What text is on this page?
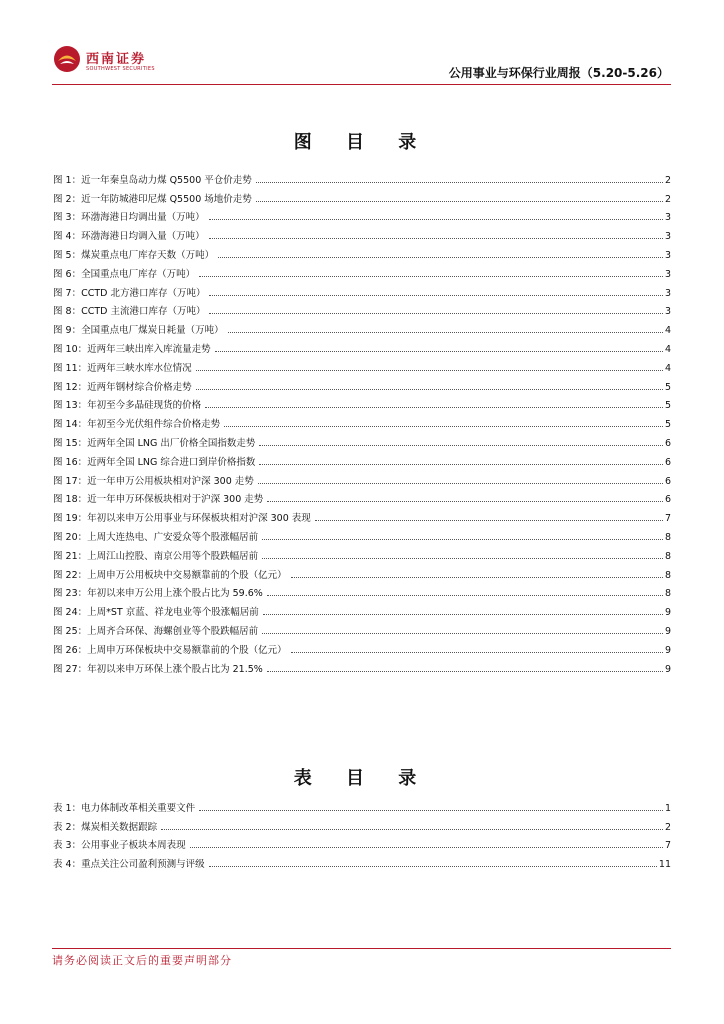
西南证券
SOUTHWEST SECURITIES	公用事业与环保行业周报（5.20-5.26）
图 目 录
图 1：近一年秦皇岛动力煤 Q5500 平仓价走势	2
图 2：近一年防城港印尼煤 Q5500 场地价走势	2
图 3：环渤海港日均调出量（万吨）	3
图 4：环渤海港日均调入量（万吨）	3
图 5：煤炭重点电厂库存天数（万吨）	3
图 6：全国重点电厂库存（万吨）	3
图 7：CCTD 北方港口库存（万吨）	3
图 8：CCTD 主流港口库存（万吨）	3
图 9：全国重点电厂煤炭日耗量（万吨）	4
图 10：近两年三峡出库入库流量走势	4
图 11：近两年三峡水库水位情况	4
图 12：近两年钢材综合价格走势	5
图 13：年初至今多晶硅现货的价格	5
图 14：年初至今光伏组件综合价格走势	5
图 15：近两年全国 LNG 出厂价格全国指数走势	6
图 16：近两年全国 LNG 综合进口到岸价格指数	6
图 17：近一年申万公用板块相对沪深 300 走势	6
图 18：近一年申万环保板块相对于沪深 300 走势	6
图 19：年初以来申万公用事业与环保板块相对沪深 300 表现	7
图 20：上周大连热电、广安爱众等个股涨幅居前	8
图 21：上周江山控股、南京公用等个股跌幅居前	8
图 22：上周申万公用板块中交易额靠前的个股（亿元）	8
图 23：年初以来申万公用上涨个股占比为 59.6%	8
图 24：上周*ST 京蓝、祥龙电业等个股涨幅居前	9
图 25：上周齐合环保、海螺创业等个股跌幅居前	9
图 26：上周申万环保板块中交易额靠前的个股（亿元）	9
图 27：年初以来申万环保上涨个股占比为 21.5%	9
表 目 录
表 1：电力体制改革相关重要文件	1
表 2：煤炭相关数据跟踪	2
表 3：公用事业子板块本周表现	7
表 4：重点关注公司盈利预测与评级	11
请务必阅读正文后的重要声明部分
